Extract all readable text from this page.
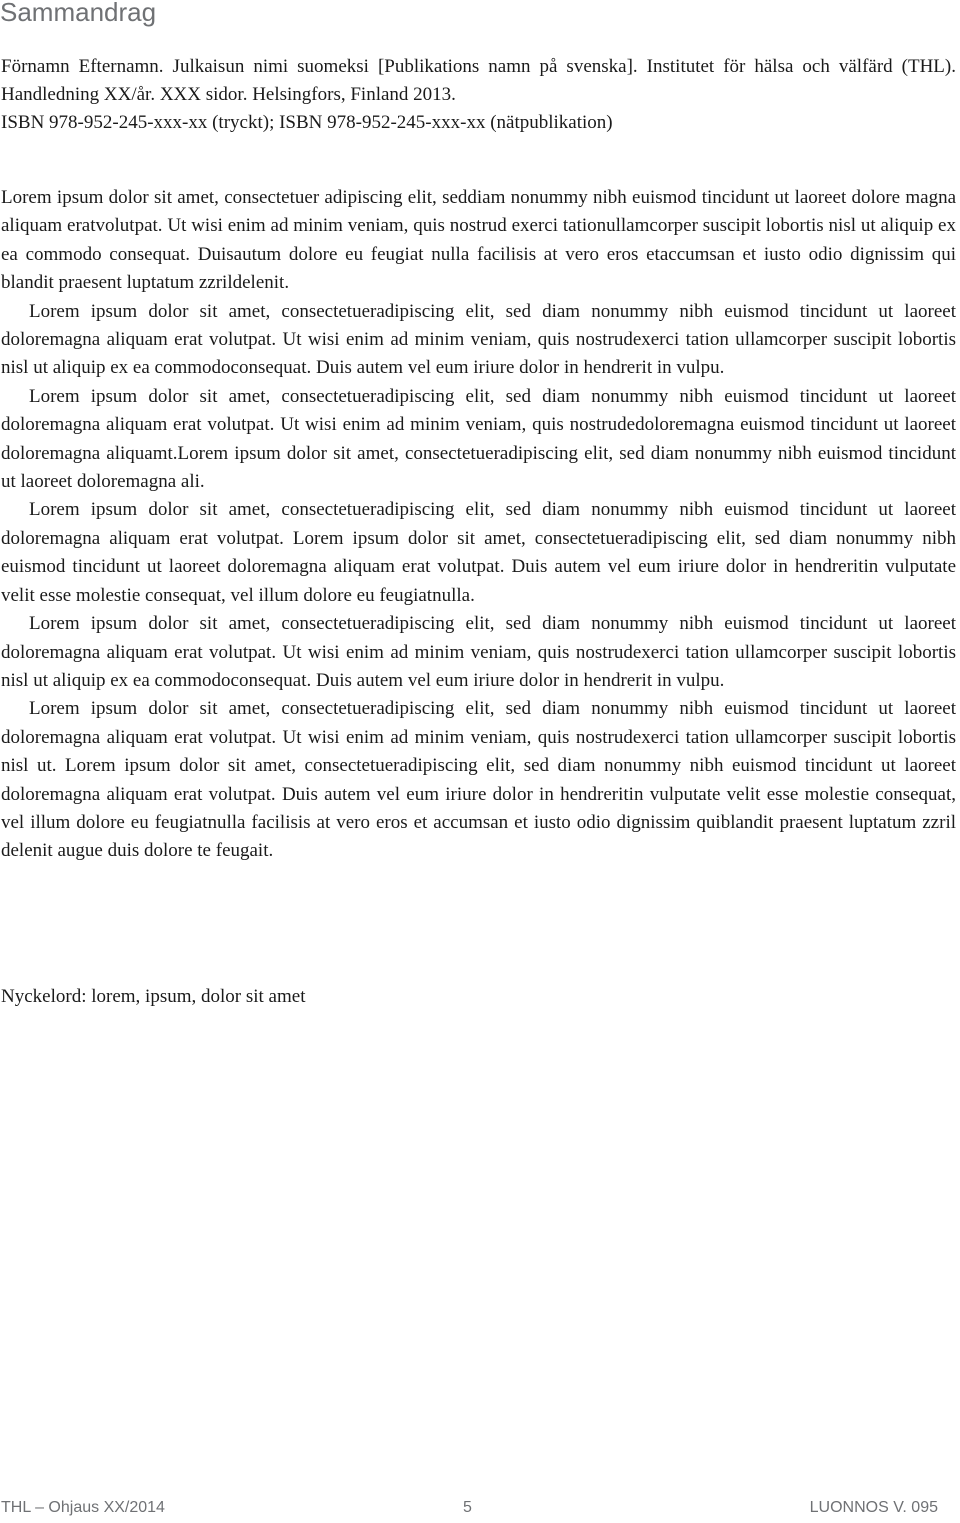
Sammandrag

Förnamn Efternamn. Julkaisun nimi suomeksi [Publikations namn på svenska]. Institutet för hälsa och välfärd (THL). Handledning XX/år. XXX sidor. Helsingfors, Finland 2013.

ISBN 978-952-245-xxx-xx (tryckt); ISBN 978-952-245-xxx-xx (nätpublikation)

Lorem ipsum dolor sit amet, consectetuer adipiscing elit, seddiam nonummy nibh euismod tincidunt ut laoreet dolore magna aliquam eratvolutpat. Ut wisi enim ad minim veniam, quis nostrud exerci tationullamcorper suscipit lobortis nisl ut aliquip ex ea commodo consequat. Duisautum dolore eu feugiat nulla facilisis at vero eros etaccumsan et iusto odio dignissim qui blandit praesent luptatum zzrildelenit.

Lorem ipsum dolor sit amet, consectetueradipiscing elit, sed diam nonummy nibh euismod tincidunt ut laoreet doloremagna aliquam erat volutpat. Ut wisi enim ad minim veniam, quis nostrudexerci tation ullamcorper suscipit lobortis nisl ut aliquip ex ea commodoconsequat. Duis autem vel eum iriure dolor in hendrerit in vulpu.

Lorem ipsum dolor sit amet, consectetueradipiscing elit, sed diam nonummy nibh euismod tincidunt ut laoreet doloremagna aliquam erat volutpat. Ut wisi enim ad minim veniam, quis nostrudedoloremagna euismod tincidunt ut laoreet doloremagna aliquamt.Lorem ipsum dolor sit amet, consectetueradipiscing elit, sed diam nonummy nibh euismod tincidunt ut laoreet doloremagna ali.

Lorem ipsum dolor sit amet, consectetueradipiscing elit, sed diam nonummy nibh euismod tincidunt ut laoreet doloremagna aliquam erat volutpat. Lorem ipsum dolor sit amet, consectetueradipiscing elit, sed diam nonummy nibh euismod tincidunt ut laoreet doloremagna aliquam erat volutpat. Duis autem vel eum iriure dolor in hendreritin vulputate velit esse molestie consequat, vel illum dolore eu feugiatnulla.

Lorem ipsum dolor sit amet, consectetueradipiscing elit, sed diam nonummy nibh euismod tincidunt ut laoreet doloremagna aliquam erat volutpat. Ut wisi enim ad minim veniam, quis nostrudexerci tation ullamcorper suscipit lobortis nisl ut aliquip ex ea commodoconsequat. Duis autem vel eum iriure dolor in hendrerit in vulpu.

Lorem ipsum dolor sit amet, consectetueradipiscing elit, sed diam nonummy nibh euismod tincidunt ut laoreet doloremagna aliquam erat volutpat. Ut wisi enim ad minim veniam, quis nostrudexerci tation ullamcorper suscipit lobortis nisl ut. Lorem ipsum dolor sit amet, consectetueradipiscing elit, sed diam nonummy nibh euismod tincidunt ut laoreet doloremagna aliquam erat volutpat. Duis autem vel eum iriure dolor in hendreritin vulputate velit esse molestie consequat, vel illum dolore eu feugiatnulla facilisis at vero eros et accumsan et iusto odio dignissim quiblandit praesent luptatum zzril delenit augue duis dolore te feugait.

Nyckelord: lorem, ipsum, dolor sit amet
THL – Ohjaus XX/2014	5	LUONNOS V. 095
